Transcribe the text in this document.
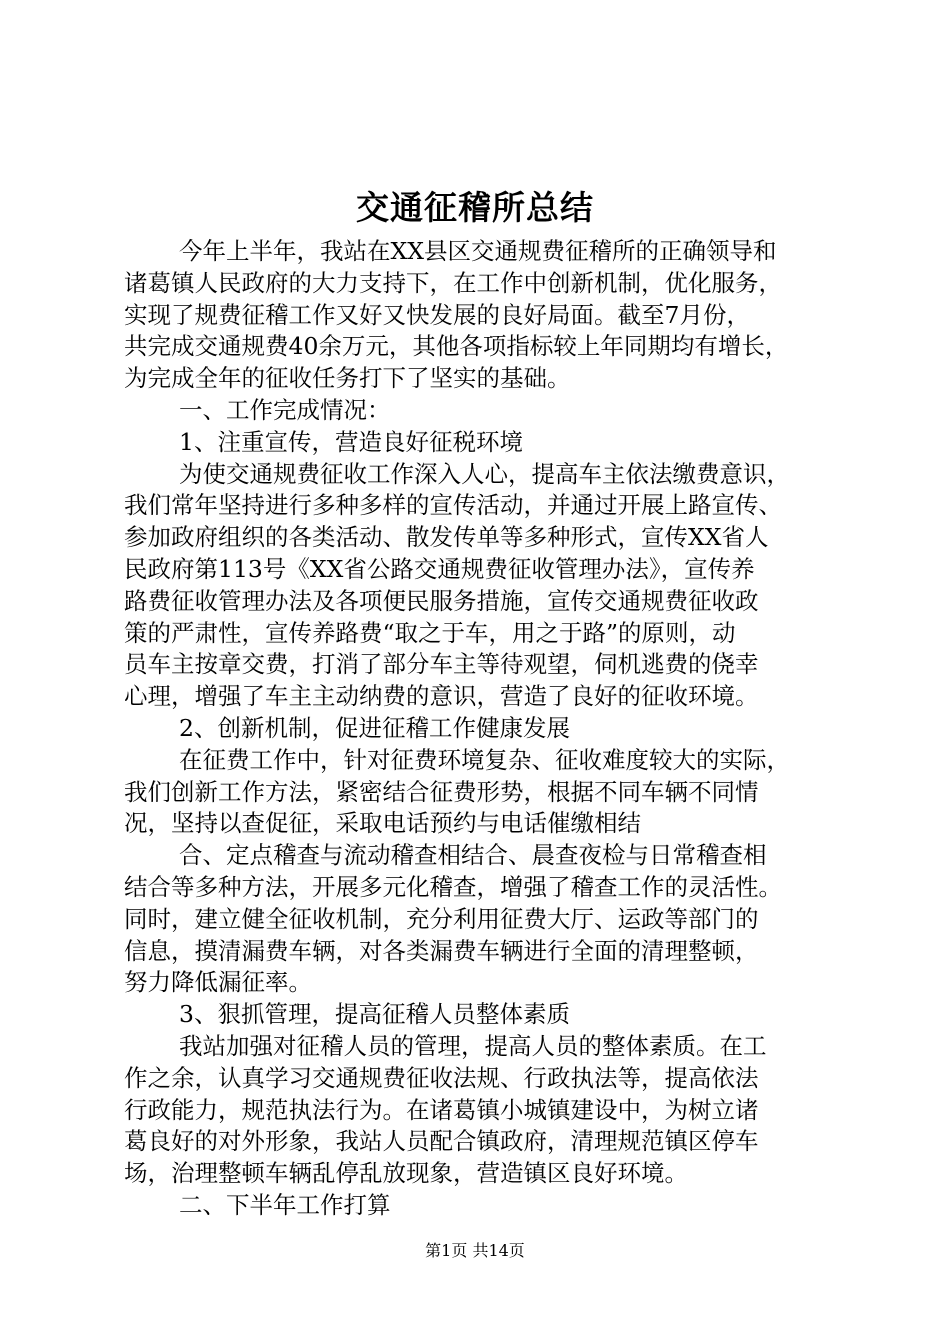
交通征稽所总结
今年上半年，我站在XX县区交通规费征稽所的正确领导和
诸葛镇人民政府的大力支持下，在工作中创新机制，优化服务，
实现了规费征稽工作又好又快发展的良好局面。截至7月份，
共完成交通规费40余万元，其他各项指标较上年同期均有增长，
为完成全年的征收任务打下了坚实的基础。
一、工作完成情况：
1、注重宣传，营造良好征税环境
为使交通规费征收工作深入人心，提高车主依法缴费意识，
我们常年坚持进行多种多样的宣传活动，并通过开展上路宣传、
参加政府组织的各类活动、散发传单等多种形式，宣传XX省人
民政府第113号《XX省公路交通规费征收管理办法》，宣传养
路费征收管理办法及各项便民服务措施，宣传交通规费征收政
策的严肃性，宣传养路费“取之于车，用之于路”的原则，动
员车主按章交费，打消了部分车主等待观望，伺机逃费的侥幸
心理，增强了车主主动纳费的意识，营造了良好的征收环境。
2、创新机制，促进征稽工作健康发展
在征费工作中，针对征费环境复杂、征收难度较大的实际，
我们创新工作方法，紧密结合征费形势，根据不同车辆不同情
况，坚持以查促征，采取电话预约与电话催缴相结
合、定点稽查与流动稽查相结合、晨查夜检与日常稽查相
结合等多种方法，开展多元化稽查，增强了稽查工作的灵活性。
同时，建立健全征收机制，充分利用征费大厅、运政等部门的
信息，摸清漏费车辆，对各类漏费车辆进行全面的清理整顿，
努力降低漏征率。
3、狠抓管理，提高征稽人员整体素质
我站加强对征稽人员的管理，提高人员的整体素质。在工
作之余，认真学习交通规费征收法规、行政执法等，提高依法
行政能力，规范执法行为。在诸葛镇小城镇建设中，为树立诸
葛良好的对外形象，我站人员配合镇政府，清理规范镇区停车
场，治理整顿车辆乱停乱放现象，营造镇区良好环境。
二、下半年工作打算
第1页 共14页
